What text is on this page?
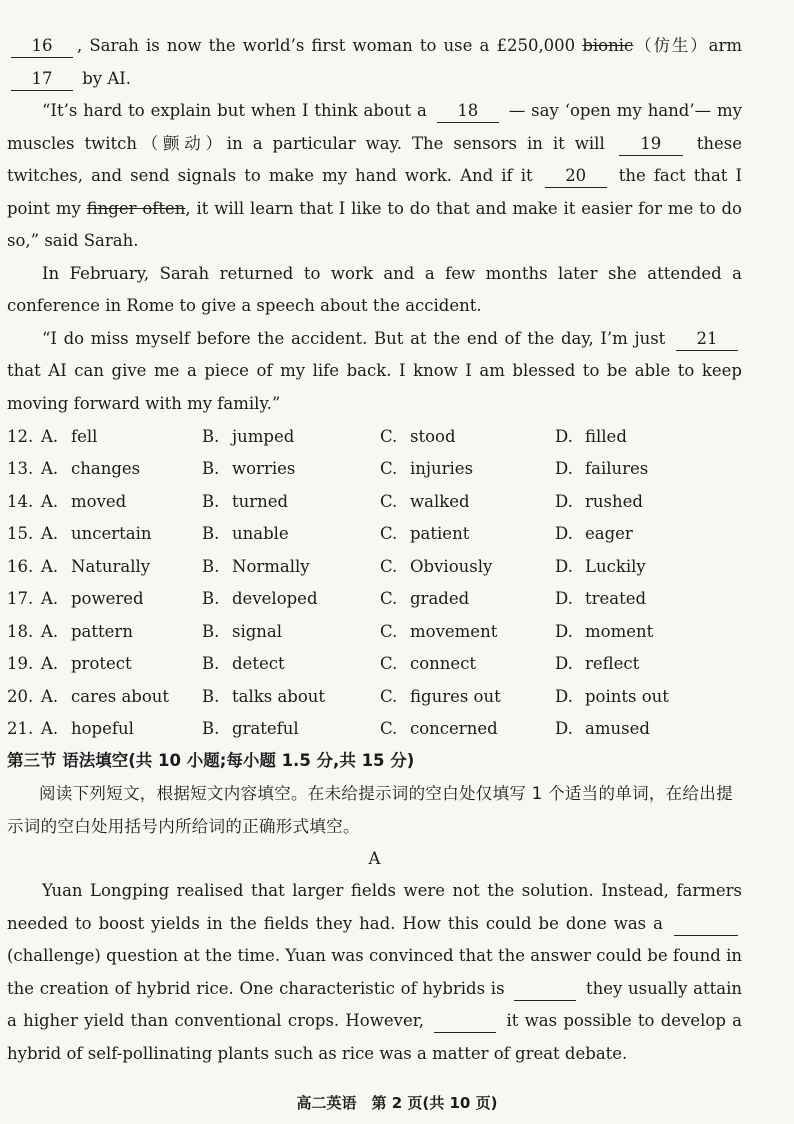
16 , Sarah is now the world’s first woman to use a £250,000 bionic（仿生）arm 17 by AI.

“It’s hard to explain but when I think about a 18 — say ‘open my hand’— my muscles twitch（颤动）in a particular way. The sensors in it will 19 these twitches, and send signals to make my hand work. And if it 20 the fact that I point my finger often, it will learn that I like to do that and make it easier for me to do so,” said Sarah.

In February, Sarah returned to work and a few months later she attended a conference in Rome to give a speech about the accident.

“I do miss myself before the accident. But at the end of the day, I’m just 21 that AI can give me a piece of my life back. I know I am blessed to be able to keep moving forward with my family.”

12. A. fell	B. jumped	C. stood	D. filled
13. A. changes	B. worries	C. injuries	D. failures
14. A. moved	B. turned	C. walked	D. rushed
15. A. uncertain	B. unable	C. patient	D. eager
16. A. Naturally	B. Normally	C. Obviously	D. Luckily
17. A. powered	B. developed	C. graded	D. treated
18. A. pattern	B. signal	C. movement	D. moment
19. A. protect	B. detect	C. connect	D. reflect
20. A. cares about B. talks about	C. figures out	D. points out
21. A. hopeful	B. grateful	C. concerned	D. amused

第三节 语法填空(共 10 小题;每小题 1.5 分,共 15 分)

阅读下列短文，根据短文内容填空。在未给提示词的空白处仅填写 1 个适当的单词，在给出提示词的空白处用括号内所给词的正确形式填空。

A

Yuan Longping realised that larger fields were not the solution. Instead, farmers needed to boost yields in the fields they had. How this could be done was a   (challenge) question at the time. Yuan was convinced that the answer could be found in the creation of hybrid rice. One characteristic of hybrids is	they usually attain a higher yield than conventional crops. However,	it was possible to develop a hybrid of self-pollinating plants such as rice was a matter of great debate.

高二英语　第 2 页(共 10 页)
